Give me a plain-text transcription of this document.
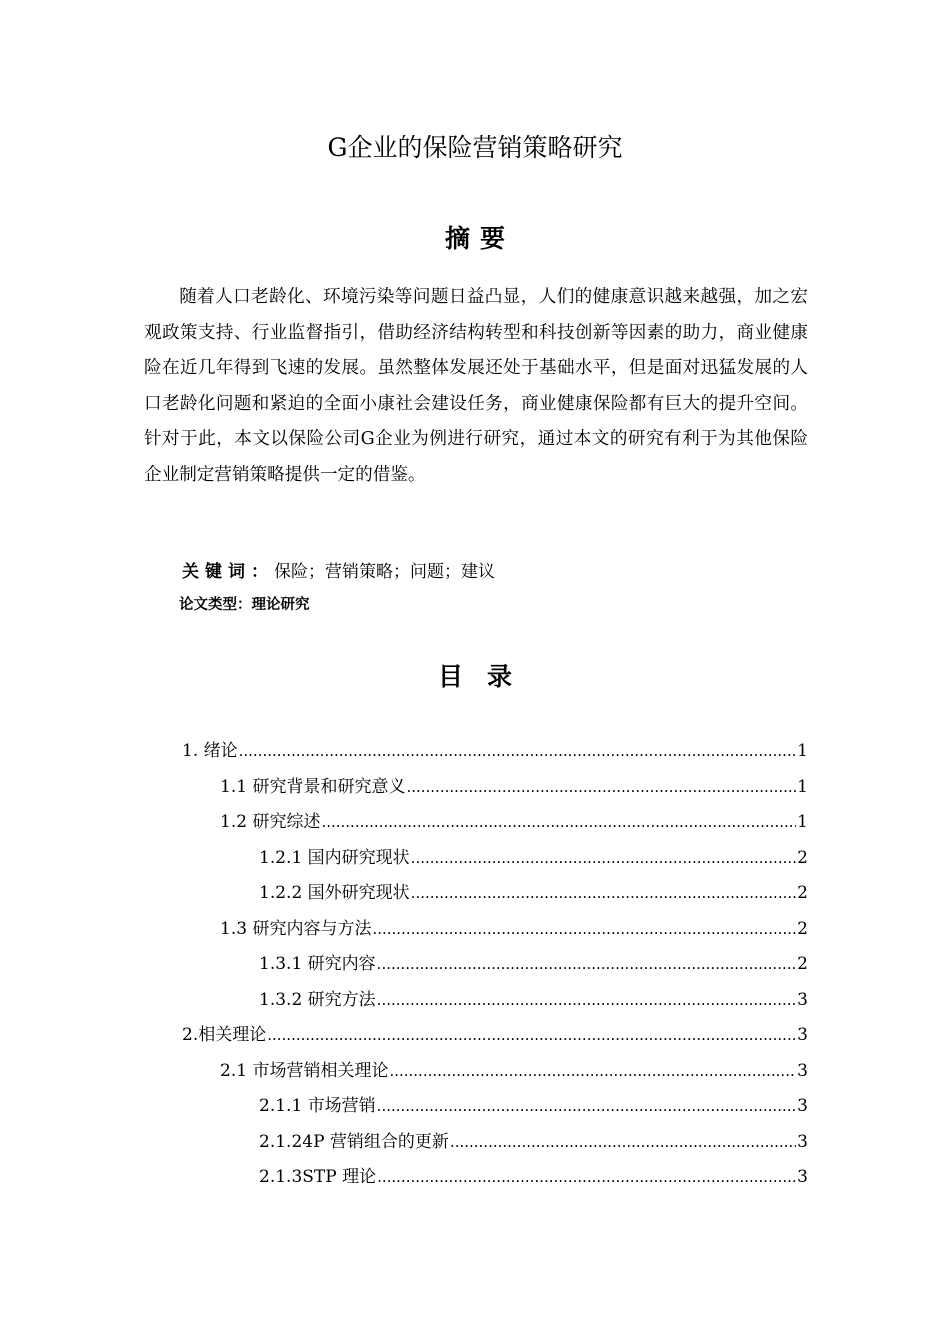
G企业的保险营销策略研究
摘要

随着人口老龄化、环境污染等问题日益凸显，人们的健康意识越来越强，加之宏观政策支持、行业监督指引，借助经济结构转型和科技创新等因素的助力，商业健康险在近几年得到飞速的发展。虽然整体发展还处于基础水平，但是面对迅猛发展的人口老龄化问题和紧迫的全面小康社会建设任务，商业健康保险都有巨大的提升空间。针对于此，本文以保险公司G企业为例进行研究，通过本文的研究有利于为其他保险企业制定营销策略提供一定的借鉴。

关键词：保险；营销策略；问题；建议
论文类型：理论研究
目录
1. 绪论 .....	1
1.1 研究背景和研究意义 .....	1
1.2 研究综述 .....	1
1.2.1 国内研究现状 .....	2
1.2.2 国外研究现状 .....	2
1.3 研究内容与方法 .....	2
1.3.1 研究内容 .....	2
1.3.2 研究方法 .....	3
2.相关理论 .....	3
2.1 市场营销相关理论 .....	3
2.1.1 市场营销 .....	3
2.1.24P 营销组合的更新 .....	3
2.1.3STP 理论 .....	3
